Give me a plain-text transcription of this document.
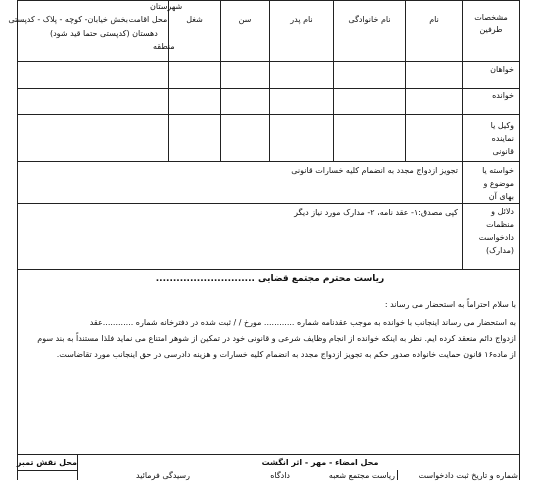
مشخصات طرفین
نام
نام خانوادگی
نام پدر
سن
شغل
محل اقامت
شهرستان
بخش خیابان- کوچه - پلاک - کدپستی
دهستان (کدپستی حتما قید شود)
منطقه
خواهان
خوانده
وکیل یا
نماینده
قانونی
خواسته یا
موضوع و
بهای آن
تجویز ازدواج مجدد به انضمام کلیه خسارات قانونی
دلائل و
منظمات
دادخواست
(مدارک)
کپی مصدق:۱- عقد نامه، ۲- مدارک مورد نیاز دیگر
ریاست محترم مجتمع قضایی .............................
با سلام احتراماً به استحضار می رساند :
به استحضار می رساند اینجانب با خوانده به موجب عقدنامه شماره ............ مورخ / / ثبت شده در دفترخانه شماره ............عقد
ازدواج دائم منعقد کرده ایم. نظر به اینکه خوانده از انجام وظایف شرعی و قانونی خود در تمکین از شوهر امتناع می نماید فلذا مستنداً به بند سوم
از ماده۱۶ قانون حمایت خانواده صدور حکم به تجویز ازدواج مجدد به انضمام کلیه خسارات و هزینه دادرسی در حق اینجانب مورد تقاضاست.
محل نقش تمبر	محل امضاء - مهر - اثر انگشت
شماره و تاریخ ثبت دادخواست
ریاست مجتمع شعبه
دادگاه
رسیدگی فرمائید
